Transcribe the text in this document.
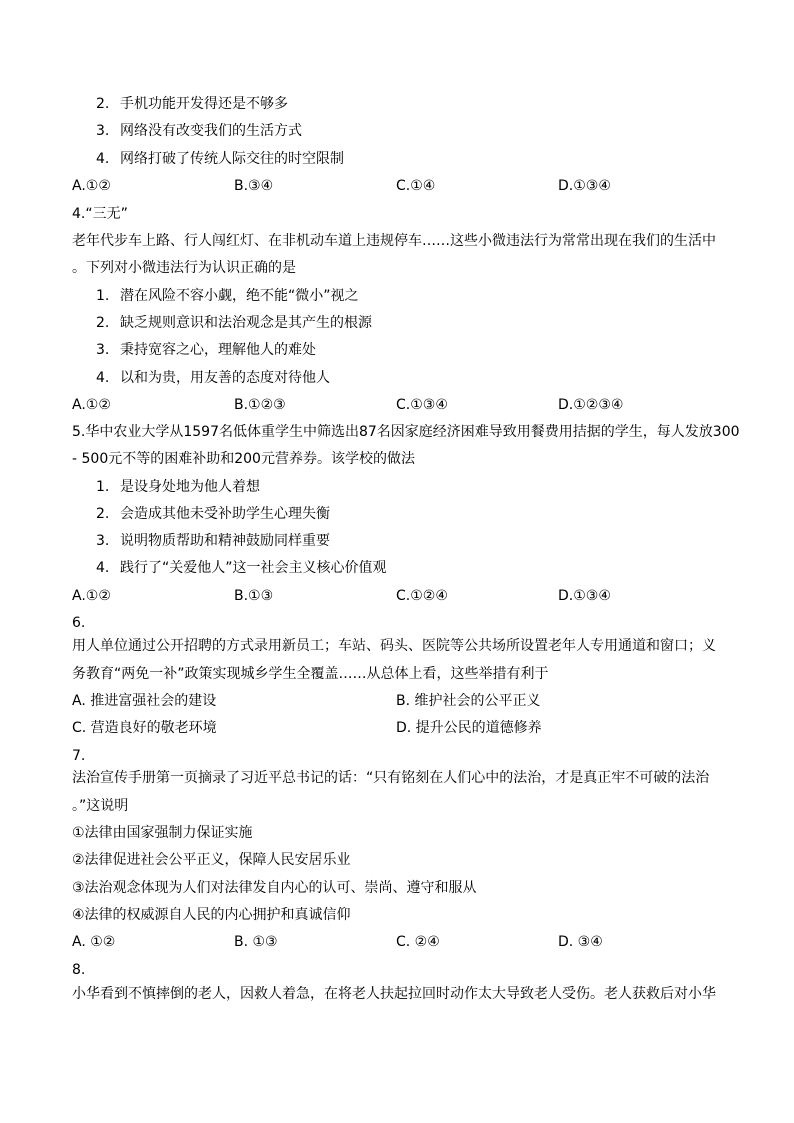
2. 手机功能开发得还是不够多
3. 网络没有改变我们的生活方式
4. 网络打破了传统人际交往的时空限制
A.①②	B.③④	C.①④	D.①③④
4.“三无”
老年代步车上路、行人闯红灯、在非机动车道上违规停车……这些小微违法行为常常出现在我们的生活中
。下列对小微违法行为认识正确的是
1. 潜在风险不容小觑，绝不能“微小”视之
2. 缺乏规则意识和法治观念是其产生的根源
3. 秉持宽容之心，理解他人的难处
4. 以和为贵，用友善的态度对待他人
A.①②	B.①②③	C.①③④	D.①②③④
5.华中农业大学从1597名低体重学生中筛选出87名因家庭经济困难导致用餐费用拮据的学生，每人发放300
- 500元不等的困难补助和200元营养券。该学校的做法
1. 是设身处地为他人着想
2. 会造成其他未受补助学生心理失衡
3. 说明物质帮助和精神鼓励同样重要
4. 践行了“关爱他人”这一社会主义核心价值观
A.①②	B.①③	C.①②④	D.①③④
6.
用人单位通过公开招聘的方式录用新员工；车站、码头、医院等公共场所设置老年人专用通道和窗口；义
务教育“两免一补”政策实现城乡学生全覆盖……从总体上看，这些举措有利于
A. 推进富强社会的建设	B. 维护社会的公平正义
C. 营造良好的敬老环境	D. 提升公民的道德修养
7.
法治宣传手册第一页摘录了习近平总书记的话：“只有铭刻在人们心中的法治，才是真正牢不可破的法治
。”这说明
①法律由国家强制力保证实施
②法律促进社会公平正义，保障人民安居乐业
③法治观念体现为人们对法律发自内心的认可、崇尚、遵守和服从
④法律的权威源自人民的内心拥护和真诚信仰
A. ①②	B. ①③	C. ②④	D. ③④
8.
小华看到不慎摔倒的老人，因救人着急，在将老人扶起拉回时动作太大导致老人受伤。老人获救后对小华
